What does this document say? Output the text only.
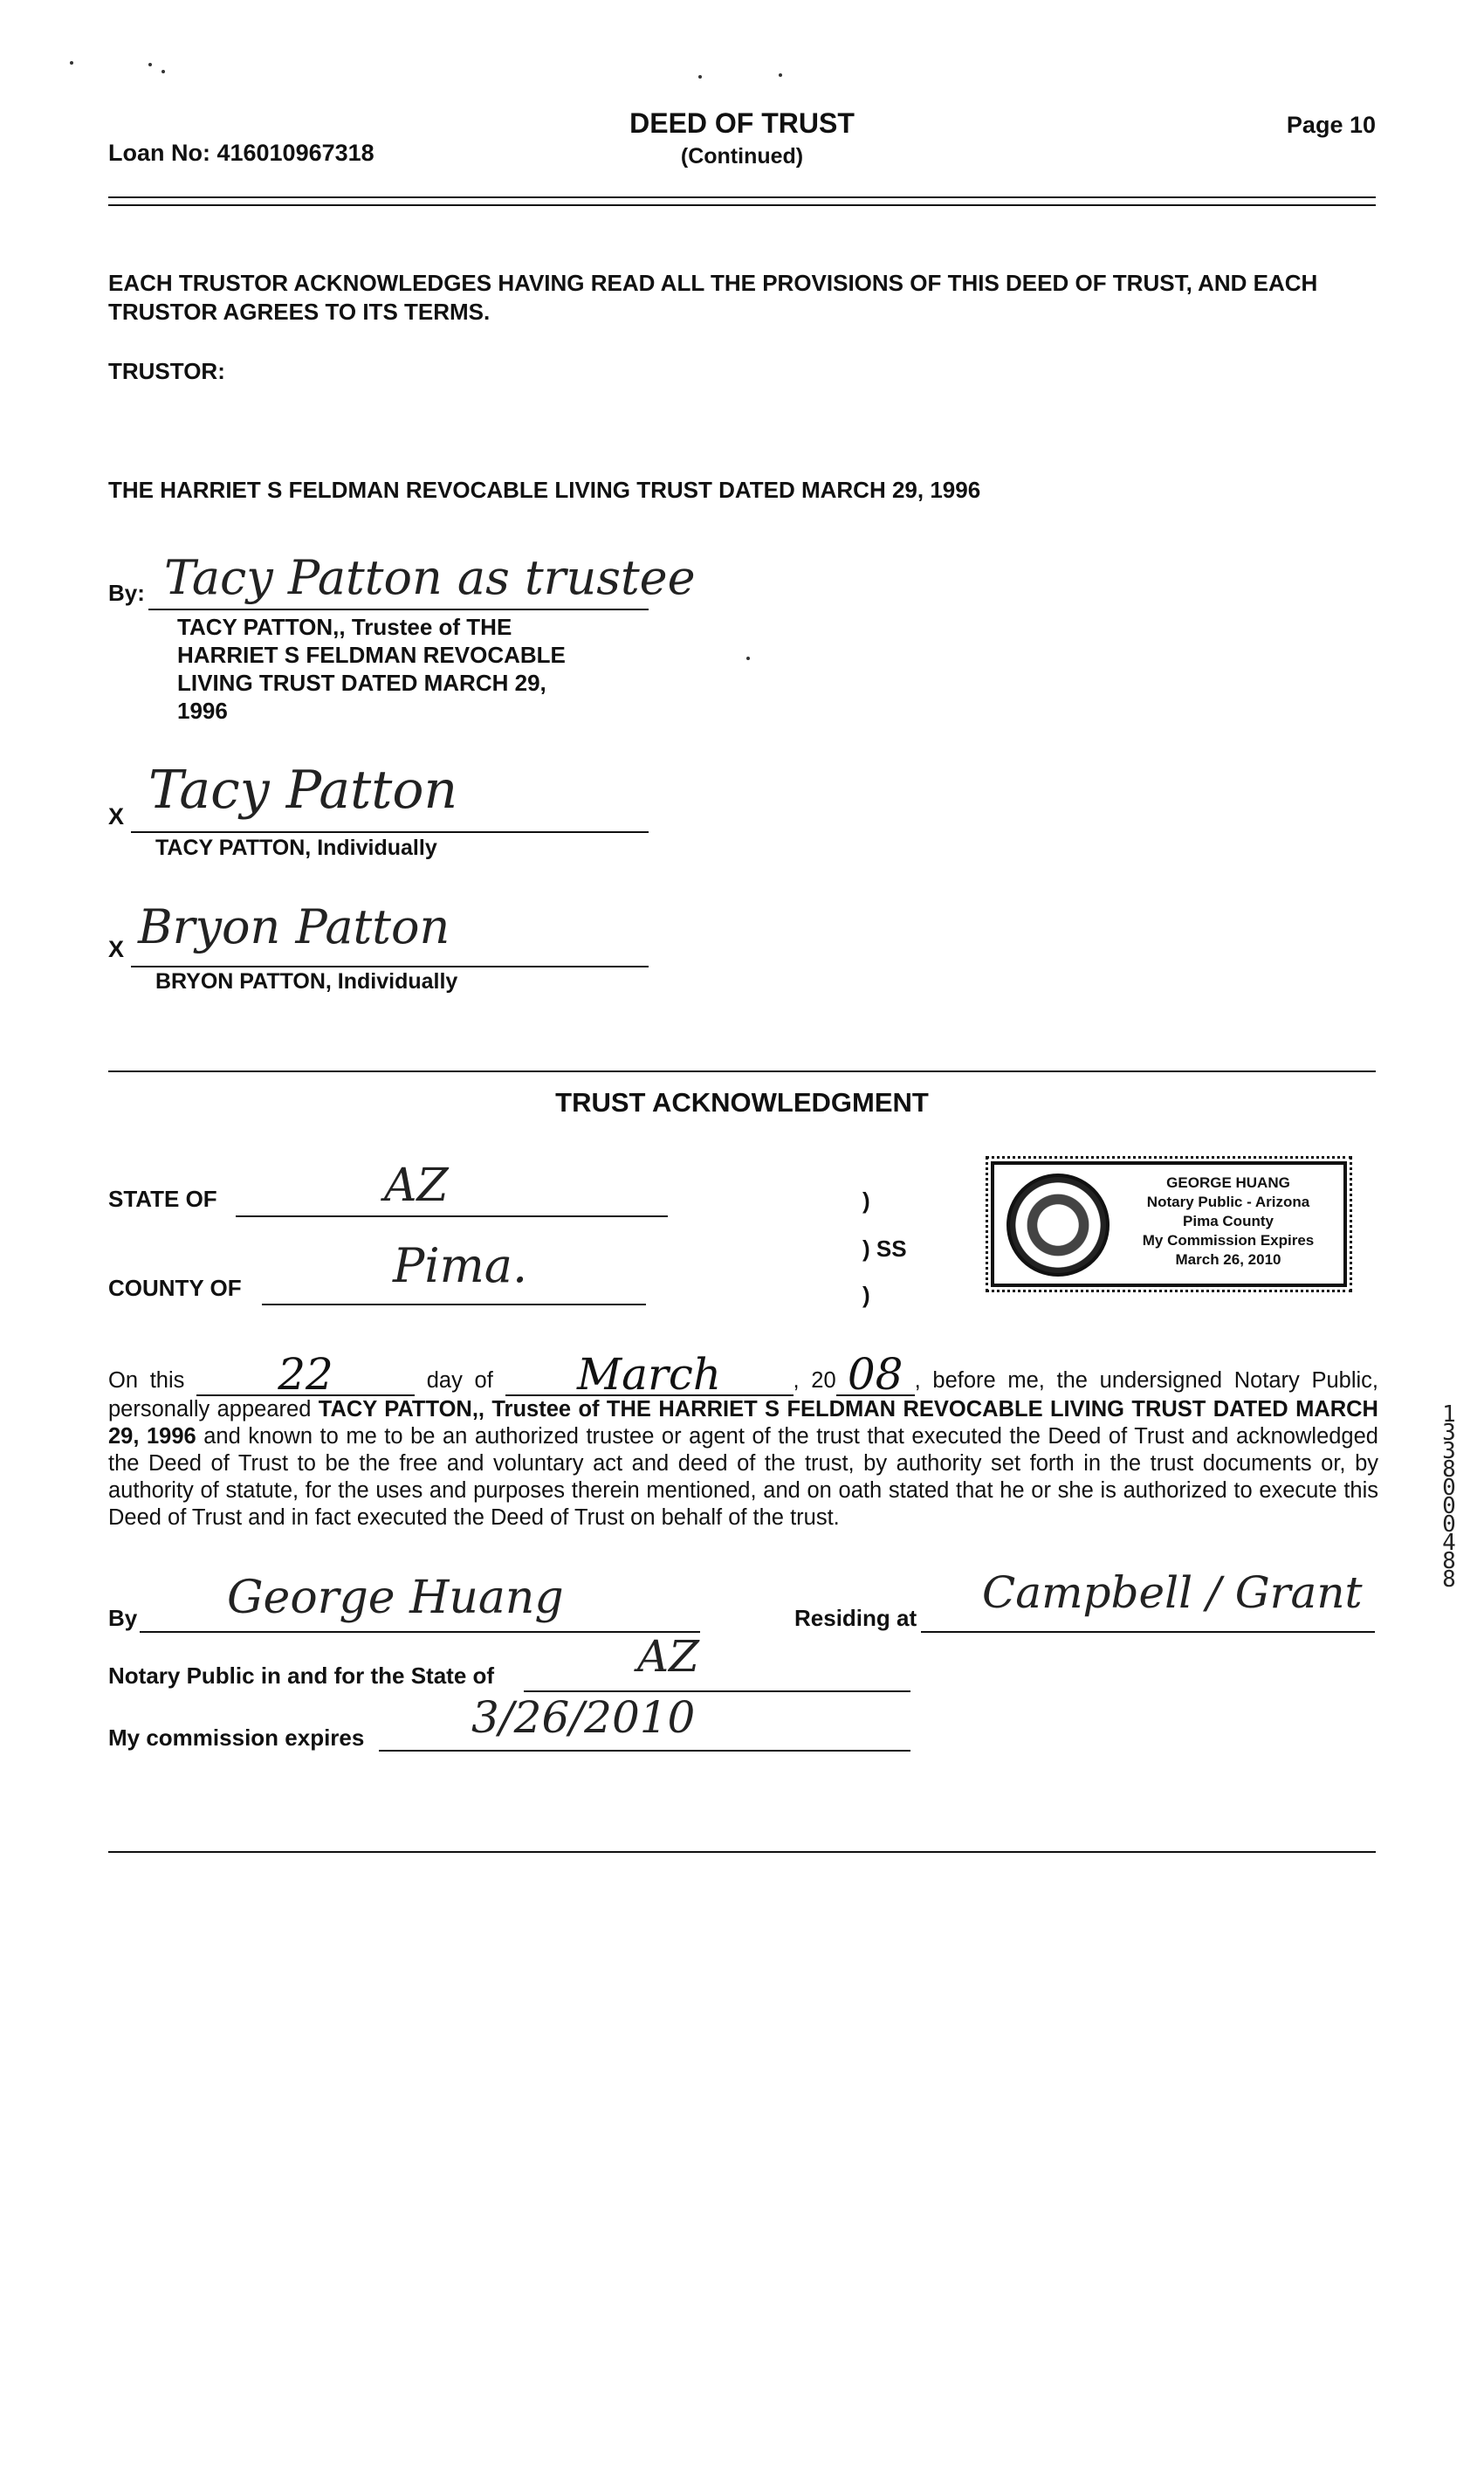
Loan No: 416010967318
DEED OF TRUST
(Continued)
Page 10
EACH TRUSTOR ACKNOWLEDGES HAVING READ ALL THE PROVISIONS OF THIS DEED OF TRUST, AND EACH TRUSTOR AGREES TO ITS TERMS.
TRUSTOR:
THE HARRIET S FELDMAN REVOCABLE LIVING TRUST DATED MARCH 29, 1996
By: Tacy Patton as trustee
TACY PATTON,, Trustee of THE HARRIET S FELDMAN REVOCABLE LIVING TRUST DATED MARCH 29, 1996
X Tacy Patton
TACY PATTON, Individually
X Bryon Patton
BRYON PATTON, Individually
TRUST ACKNOWLEDGMENT
STATE OF	AZ
COUNTY OF	Pima.
)
) SS
)
GEORGE HUANG
Notary Public - Arizona
Pima County
My Commission Expires
March 26, 2010
On this	22	day of	March	, 20 08 , before me, the undersigned Notary Public, personally appeared TACY PATTON,, Trustee of THE HARRIET S FELDMAN REVOCABLE LIVING TRUST DATED MARCH 29, 1996 and known to me to be an authorized trustee or agent of the trust that executed the Deed of Trust and acknowledged the Deed of Trust to be the free and voluntary act and deed of the trust, by authority set forth in the trust documents or, by authority of statute, for the uses and purposes therein mentioned, and on oath stated that he or she is authorized to execute this Deed of Trust and in fact executed the Deed of Trust on behalf of the trust.
By George Huang	Residing at Campbell / Grant
Notary Public in and for the State of	AZ
My commission expires 3/26/2010
13380 00488
